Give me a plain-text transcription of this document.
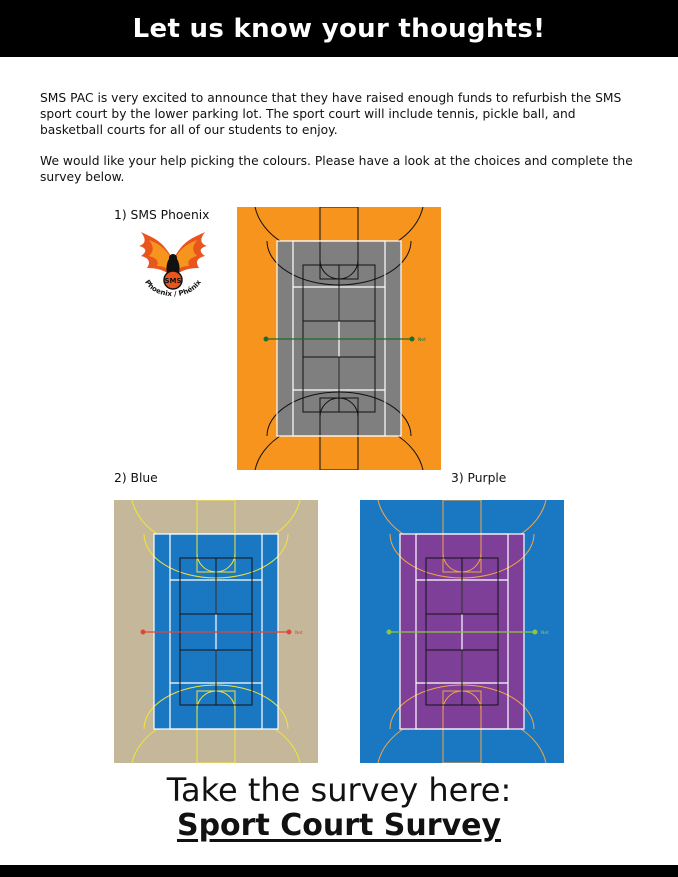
Let us know your thoughts!

SMS PAC is very excited to announce that they have raised enough funds to refurbish the SMS sport court by the lower parking lot. The sport court will include tennis, pickle ball, and basketball courts for all of our students to enjoy.

We would like your help picking the colours. Please have a look at the choices and complete the survey below.

1) SMS Phoenix
2) Blue	3) Purple
SMS
Phoenix / Phénix
Net
Net	Net
Take the survey here:
Sport Court Survey
